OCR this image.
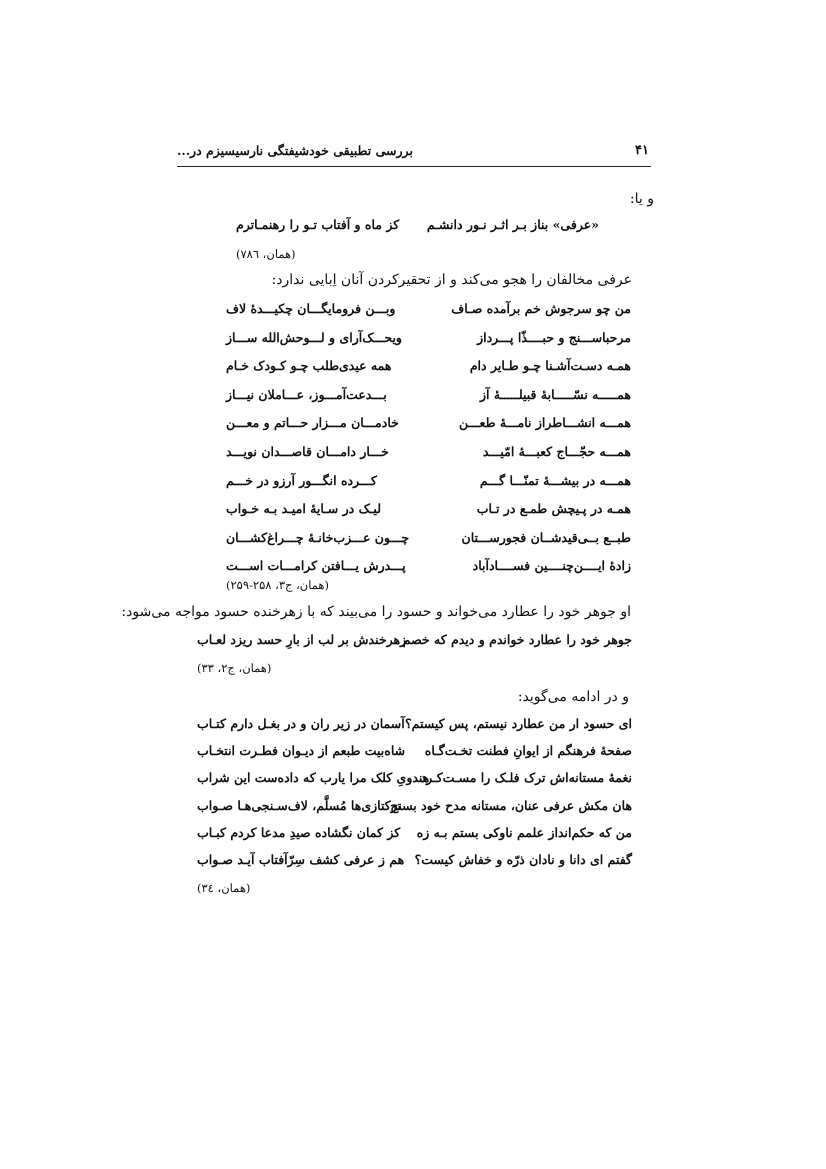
۴۱
بررسی تطبیقی خودشیفتگی نارسیسیزم در...
و یا:
«عرفی» بناز بـر اثـر نـور دانشـم
کز ماه و آفتاب تـو را رهنمـاترم
(همان، ۷۸٦)
عرفی مخالفان را هجو می‌کند و از تحقیرکردن آنان اِبایی ندارد:
من چو سرجوش خم برآمده صـاف
وبـــن فرومایگـــان چکیـــدۀ لاف
مرحباســـنج و حبــــذّا پـــرداز
ویحـــک‌آرای و لـــوحش‌الله ســـاز
همـه دسـت‌آشـنا چـو طـایر دام
همه عیدی‌طلب چـو کـودک خـام
همـــــه نسّـــــابۀ قبیلـــــۀ آز
بـــدعت‌آمـــوز، عـــاملان نیـــاز
همـــه انشـــاطراز نامـــۀ طعـــن
خادمـــان مـــزار حـــاتم و معـــن
همـــه حجّـــاج کعبـــۀ امّیـــد
خـــار دامـــان قاصـــدان نویـــد
همـــه در بیشـــۀ تمنّـــا گـــم
کـــرده انگـــور آرزو در خـــم
همـه در پـیچش طمـع در تـاب
لیـک در سـایۀ امیـد بـه خـواب
طبــع بــی‌قیدشــان فجورســـتان
چـــون عـــزب‌خانـۀ چـــراغ‌کشـــان
زادۀ ایــــن‌چنــــین فســــادآباد
پـــدرش یـــافتن کرامـــات اســـت
(همان، ج۳، ۲۵۸-۲۵۹)
او جوهر خود را عطارد می‌خواند و حسود را می‌بیند که با زهرخنده حسود مواجه می‌شود:
جوهر خود را عطارد خواندم و دیدم که خصم
زهرخندش بر لب از بارِ حسد ریزد لعـاب
(همان، ج۲، ۳۳)
و در ادامه می‌گوید:
ای حسود ار من عطارد نیستم، پس کیستم؟
آسمان در زیر ران و در بغـل دارم کتـاب
صفحۀ فرهنگم از ایوانِ فطنت تخـت‌گـاه
شاه‌بیت طبعم از دیـوان فطـرت انتخـاب
نغمۀ مستانه‌اش ترک فلـک را مسـت‌کـرد
هندویِ کلک مرا یارب که داده‌ست این شراب
هان مکش عرفی عنان، مستانه مدح خود بسنج
ترکتازی‌ها مُسلَّم، لاف‌سـنجی‌هـا صـواب
من که حکم‌انداز علمم ناوکی بستم بـه زه
کز کمان نگشاده صیدِ مدعا کردم کبـاب
گفتم ای دانا و نادان ذرّه و خفاش کیست؟
هم ز عرفی کشف سِرّآفتاب آیـد صـواب
(همان، ٣٤)
